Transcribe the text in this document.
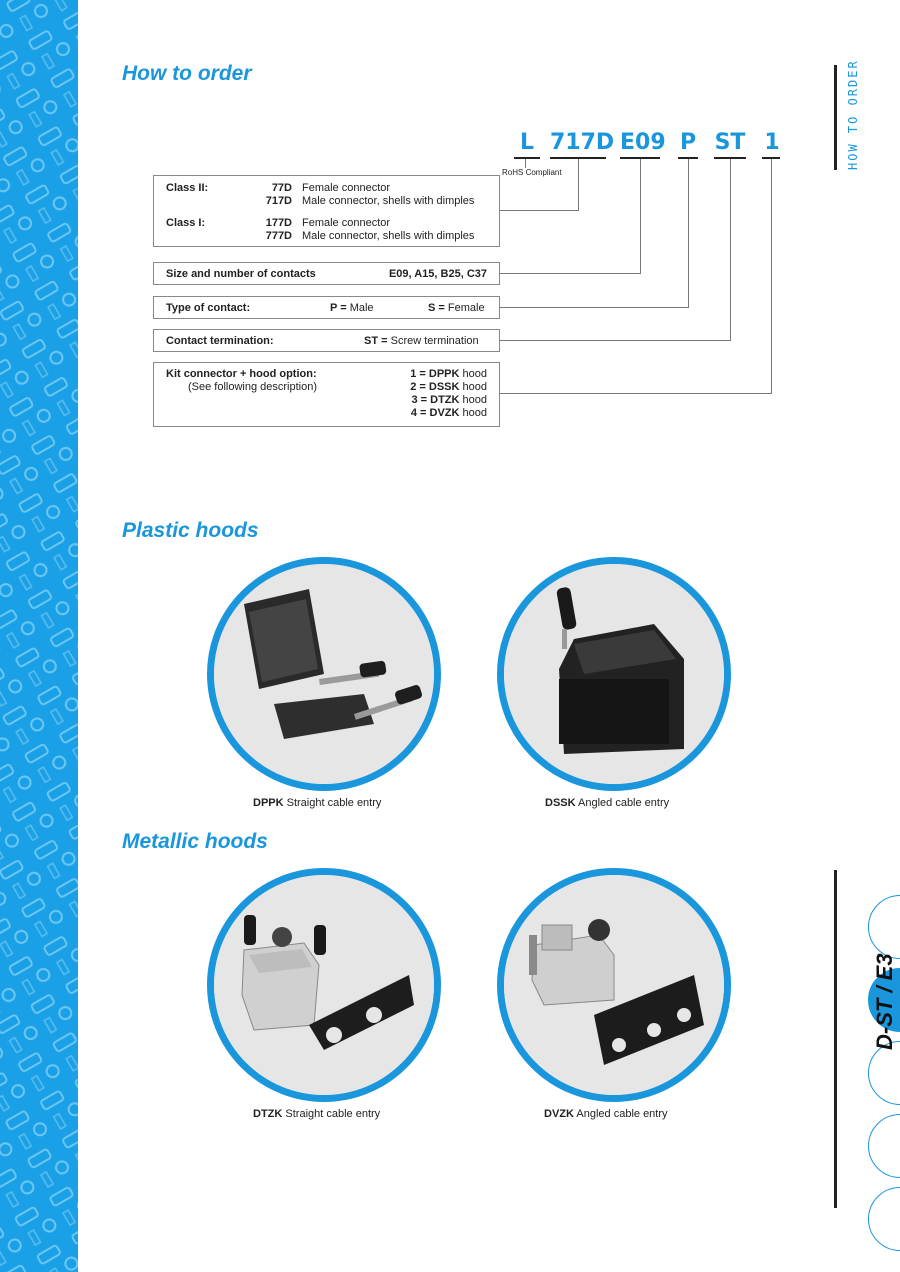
How to order
L 717D E09 P ST 1
RoHS Compliant
Class II:	77D Female connector
717D Male connector, shells with dimples
Class I:	177D Female connector
777D Male connector, shells with dimples
Size and number of contacts	E09, A15, B25, C37
Type of contact:	P = Male	S = Female
Contact termination:	ST = Screw termination
Kit connector + hood option:
(See following description)
1 = DPPK hood
2 = DSSK hood
3 = DTZK hood
4 = DVZK hood
Plastic hoods
DPPK Straight cable entry	DSSK Angled cable entry
Metallic hoods
DTZK Straight cable entry	DVZK Angled cable entry
HOW TO ORDER
D-ST / E3
